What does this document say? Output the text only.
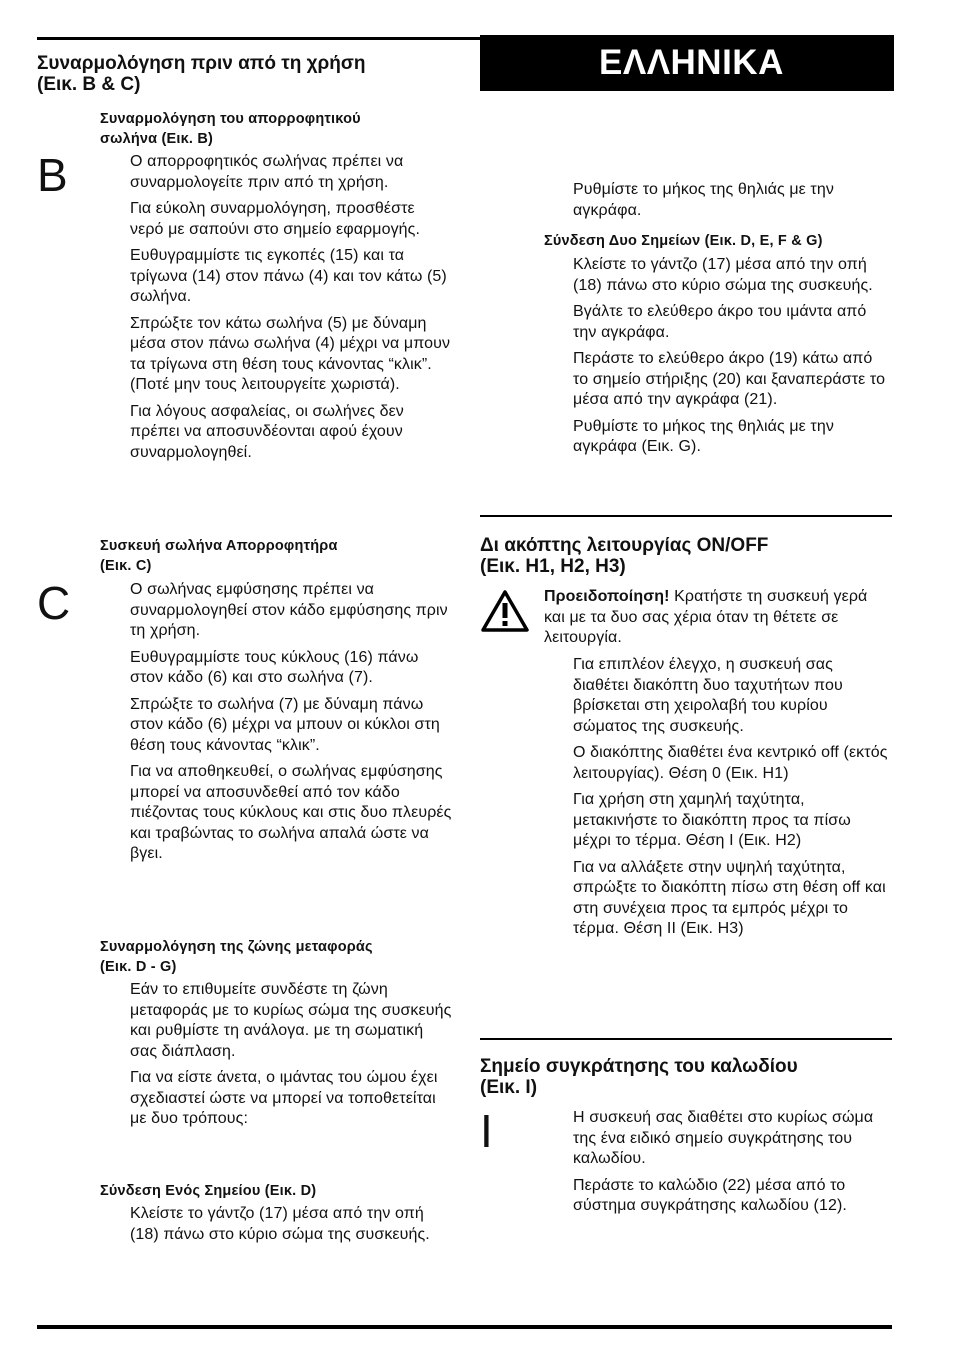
ΕΛΛΗΝΙΚΑ
Συναρμολόγηση πριν από τη χρήση
(Εικ. B & C)
Συναρμολόγηση του απορροφητικού
σωλήνα (Εικ. B)
B	Ο απορροφητικός σωλήνας πρέπει να συναρμολογείτε πριν από τη χρήση.
Για εύκολη συναρμολόγηση, προσθέστε νερό με σαπούνι στο σημείο εφαρμογής.
Ευθυγραμμίστε τις εγκοπές (15) και τα τρίγωνα (14) στον πάνω (4) και τον κάτω (5) σωλήνα.
Σπρώξτε τον κάτω σωλήνα (5) με δύναμη μέσα στον πάνω σωλήνα (4) μέχρι να μπουν τα τρίγωνα στη θέση τους κάνοντας “κλικ”. (Ποτέ μην τους λειτουργείτε χωριστά).
Για λόγους ασφαλείας, οι σωλήνες δεν πρέπει να αποσυνδέονται αφού έχουν συναρμολογηθεί.
Συσκευή σωλήνα Απορροφητήρα
(Εικ. C)
C	Ο σωλήνας εμφύσησης πρέπει να συναρμολογηθεί στον κάδο εμφύσησης πριν τη χρήση.
Ευθυγραμμίστε τους κύκλους (16) πάνω στον κάδο (6) και στο σωλήνα (7).
Σπρώξτε το σωλήνα (7) με δύναμη πάνω στον κάδο (6) μέχρι να μπουν οι κύκλοι στη θέση τους κάνοντας “κλικ”.
Για να αποθηκευθεί, ο σωλήνας εμφύσησης μπορεί να αποσυνδεθεί από τον κάδο πιέζοντας τους κύκλους και στις δυο πλευρές και τραβώντας το σωλήνα απαλά ώστε να βγει.
Συναρμολόγηση της ζώνης μεταφοράς
(Εικ. D - G)
Εάν το επιθυμείτε συνδέστε τη ζώνη μεταφοράς με το κυρίως σώμα της συσκευής και ρυθμίστε τη ανάλογα. με τη σωματική σας διάπλαση.
Για να είστε άνετα, ο ιμάντας του ώμου έχει σχεδιαστεί ώστε να μπορεί να τοποθετείται με δυο τρόπους:
Σύνδεση Ενός Σημείου (Εικ. D)
Κλείστε το γάντζο (17) μέσα από την οπή (18) πάνω στο κύριο σώμα της συσκευής.
Ρυθμίστε το μήκος της θηλιάς με την αγκράφα.
Σύνδεση Δυο Σημείων (Εικ. D, E, F & G)
Κλείστε το γάντζο (17) μέσα από την οπή (18) πάνω στο κύριο σώμα της συσκευής.
Βγάλτε το ελεύθερο άκρο του ιμάντα από την αγκράφα.
Περάστε το ελεύθερο άκρο (19) κάτω από το σημείο στήριξης (20) και ξαναπεράστε το μέσα από την αγκράφα (21).
Ρυθμίστε το μήκος της θηλιάς με την αγκράφα (Εικ. G).
Δι ακόπτης λειτουργίας ON/OFF
(Εικ. H1, H2, H3)
Προειδοποίηση! Κρατήστε τη συσκευή γερά και με τα δυο σας χέρια όταν τη θέτετε σε λειτουργία.
Για επιπλέον έλεγχο, η συσκευή σας διαθέτει διακόπτη δυο ταχυτήτων που βρίσκεται στη χειρολαβή του κυρίου σώματος της συσκευής.
Ο διακόπτης διαθέτει ένα κεντρικό off (εκτός λειτουργίας). Θέση 0 (Εικ. H1)
Για χρήση στη χαμηλή ταχύτητα, μετακινήστε το διακόπτη προς τα πίσω μέχρι το τέρμα. Θέση I (Εικ. H2)
Για να αλλάξετε στην υψηλή ταχύτητα, σπρώξτε το διακόπτη πίσω στη θέση off και στη συνέχεια προς τα εμπρός μέχρι το τέρμα. Θέση II (Εικ. H3)
Σημείο συγκράτησης του καλωδίου
(Εικ. I)
I	Η συσκευή σας διαθέτει στο κυρίως σώμα της ένα ειδικό σημείο συγκράτησης του καλωδίου.
Περάστε το καλώδιο (22) μέσα από το σύστημα συγκράτησης καλωδίου (12).
